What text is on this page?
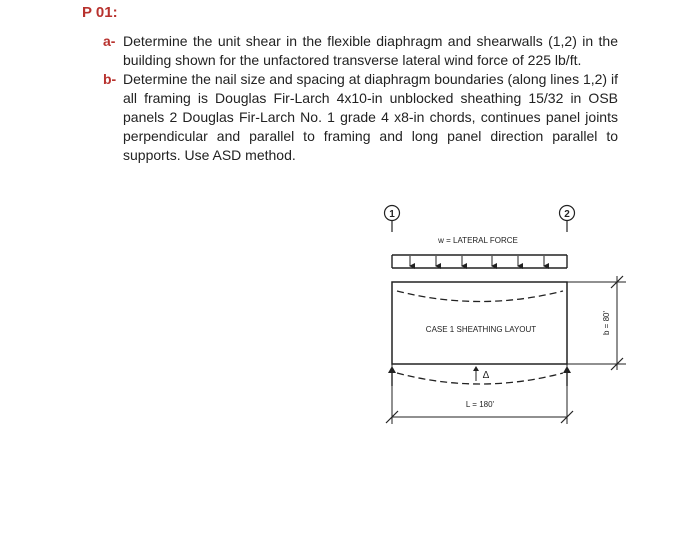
P 01:
a- Determine the unit shear in the flexible diaphragm and shearwalls (1,2) in the building shown for the unfactored transverse lateral wind force of 225 lb/ft.
b- Determine the nail size and spacing at diaphragm boundaries (along lines 1,2) if all framing is Douglas Fir-Larch 4x10-in unblocked sheathing 15/32 in OSB panels 2 Douglas Fir-Larch No. 1 grade 4 x8-in chords, continues panel joints perpendicular and parallel to framing and long panel direction parallel to supports. Use ASD method.
1	2
w = LATERAL FORCE
CASE 1 SHEATHING LAYOUT
Δ
L = 180'
b = 80'
